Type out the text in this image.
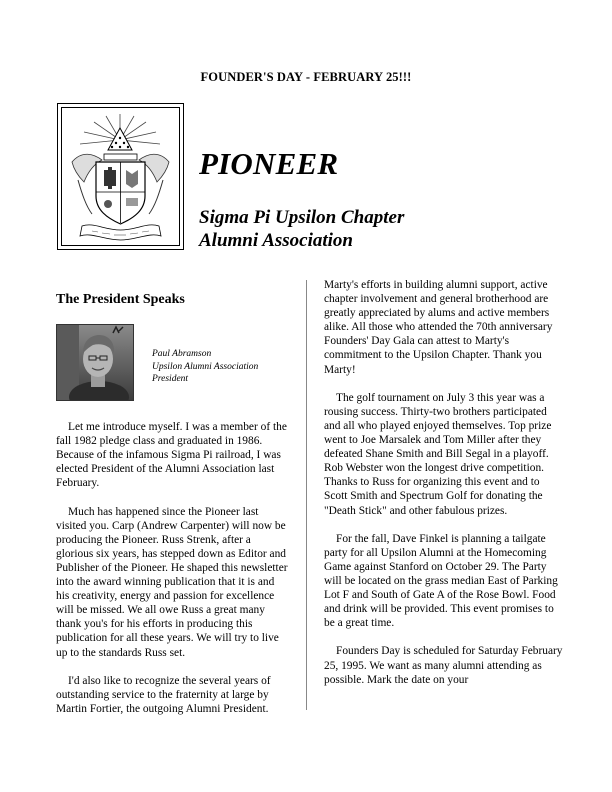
FOUNDER'S DAY - FEBRUARY 25!!!
PIONEER
Sigma Pi Upsilon Chapter
Alumni Association
The President Speaks
Paul Abramson
Upsilon Alumni Association
President

Let me introduce myself. I was a member of the fall 1982 pledge class and graduated in 1986. Because of the infamous Sigma Pi railroad, I was elected President of the Alumni Association last February.

Much has happened since the Pioneer last visited you. Carp (Andrew Carpenter) will now be producing the Pioneer. Russ Strenk, after a glorious six years, has stepped down as Editor and Publisher of the Pioneer. He shaped this newsletter into the award winning publication that it is and his creativity, energy and passion for excellence will be missed. We all owe Russ a great many thank you's for his efforts in producing this publication for all these years. We will try to live up to the standards Russ set.

I'd also like to recognize the several years of outstanding service to the fraternity at large by Martin Fortier, the outgoing Alumni President.

Marty's efforts in building alumni support, active chapter involvement and general brotherhood are greatly appreciated by alums and active members alike. All those who attended the 70th anniversary Founders' Day Gala can attest to Marty's commitment to the Upsilon Chapter. Thank you Marty!

The golf tournament on July 3 this year was a rousing success. Thirty-two brothers participated and all who played enjoyed themselves. Top prize went to Joe Marsalek and Tom Miller after they defeated Shane Smith and Bill Segal in a playoff. Rob Webster won the longest drive competition. Thanks to Russ for organizing this event and to Scott Smith and Spectrum Golf for donating the "Death Stick" and other fabulous prizes.

For the fall, Dave Finkel is planning a tailgate party for all Upsilon Alumni at the Homecoming Game against Stanford on October 29. The Party will be located on the grass median East of Parking Lot F and South of Gate A of the Rose Bowl. Food and drink will be provided. This event promises to be a great time.

Founders Day is scheduled for Saturday February 25, 1995. We want as many alumni attending as possible. Mark the date on your
